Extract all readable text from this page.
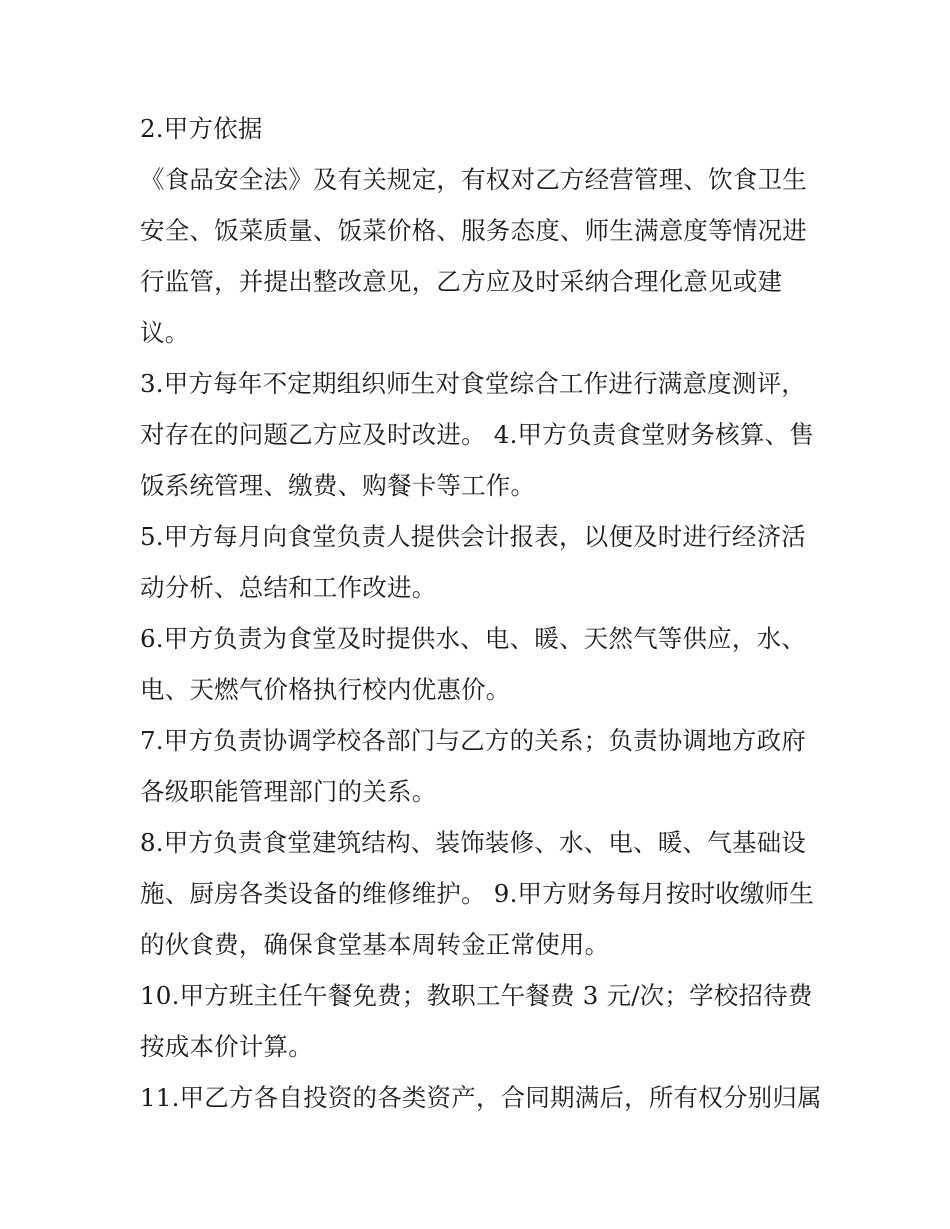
2.甲方依据
《食品安全法》及有关规定，有权对乙方经营管理、饮食卫生
安全、饭菜质量、饭菜价格、服务态度、师生满意度等情况进
行监管，并提出整改意见，乙方应及时采纳合理化意见或建
议。
3.甲方每年不定期组织师生对食堂综合工作进行满意度测评，
对存在的问题乙方应及时改进。 4.甲方负责食堂财务核算、售
饭系统管理、缴费、购餐卡等工作。
5.甲方每月向食堂负责人提供会计报表，以便及时进行经济活
动分析、总结和工作改进。
6.甲方负责为食堂及时提供水、电、暖、天然气等供应，水、
电、天燃气价格执行校内优惠价。
7.甲方负责协调学校各部门与乙方的关系；负责协调地方政府
各级职能管理部门的关系。
8.甲方负责食堂建筑结构、装饰装修、水、电、暖、气基础设
施、厨房各类设备的维修维护。 9.甲方财务每月按时收缴师生
的伙食费，确保食堂基本周转金正常使用。
10.甲方班主任午餐免费；教职工午餐费 3 元/次；学校招待费
按成本价计算。
11.甲乙方各自投资的各类资产，合同期满后，所有权分别归属
